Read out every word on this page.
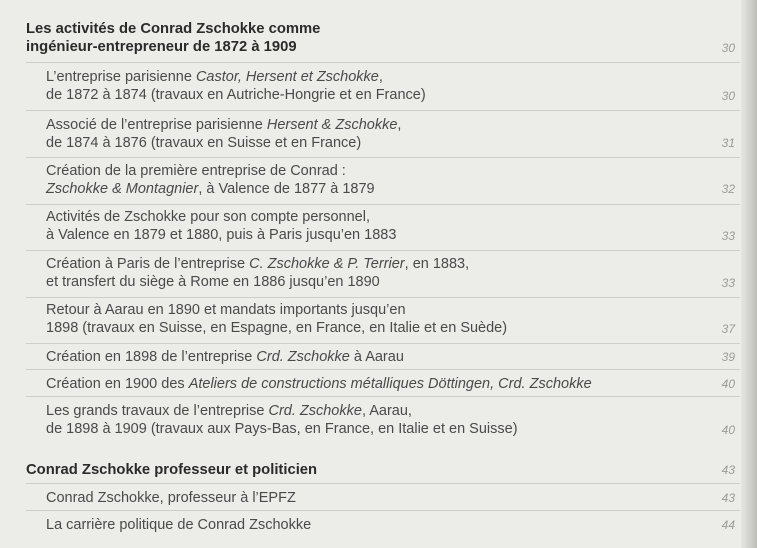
Les activités de Conrad Zschokke comme
ingénieur-entrepreneur de 1872 à 1909	30
L’entreprise parisienne Castor, Hersent et Zschokke,
de 1872 à 1874 (travaux en Autriche-Hongrie et en France)	30
Associé de l’entreprise parisienne Hersent & Zschokke,
de 1874 à 1876 (travaux en Suisse et en France)	31
Création de la première entreprise de Conrad :
Zschokke & Montagnier, à Valence de 1877 à 1879	32
Activités de Zschokke pour son compte personnel,
à Valence en 1879 et 1880, puis à Paris jusqu’en 1883	33
Création à Paris de l’entreprise C. Zschokke & P. Terrier, en 1883,
et transfert du siège à Rome en 1886 jusqu’en 1890	33
Retour à Aarau en 1890 et mandats importants jusqu’en
1898 (travaux en Suisse, en Espagne, en France, en Italie et en Suède)	37
Création en 1898 de l’entreprise Crd. Zschokke à Aarau	39
Création en 1900 des Ateliers de constructions métalliques Döttingen, Crd. Zschokke	40
Les grands travaux de l’entreprise Crd. Zschokke, Aarau,
de 1898 à 1909 (travaux aux Pays-Bas, en France, en Italie et en Suisse)	40
Conrad Zschokke professeur et politicien	43
Conrad Zschokke, professeur à l’EPFZ	43
La carrière politique de Conrad Zschokke	44
